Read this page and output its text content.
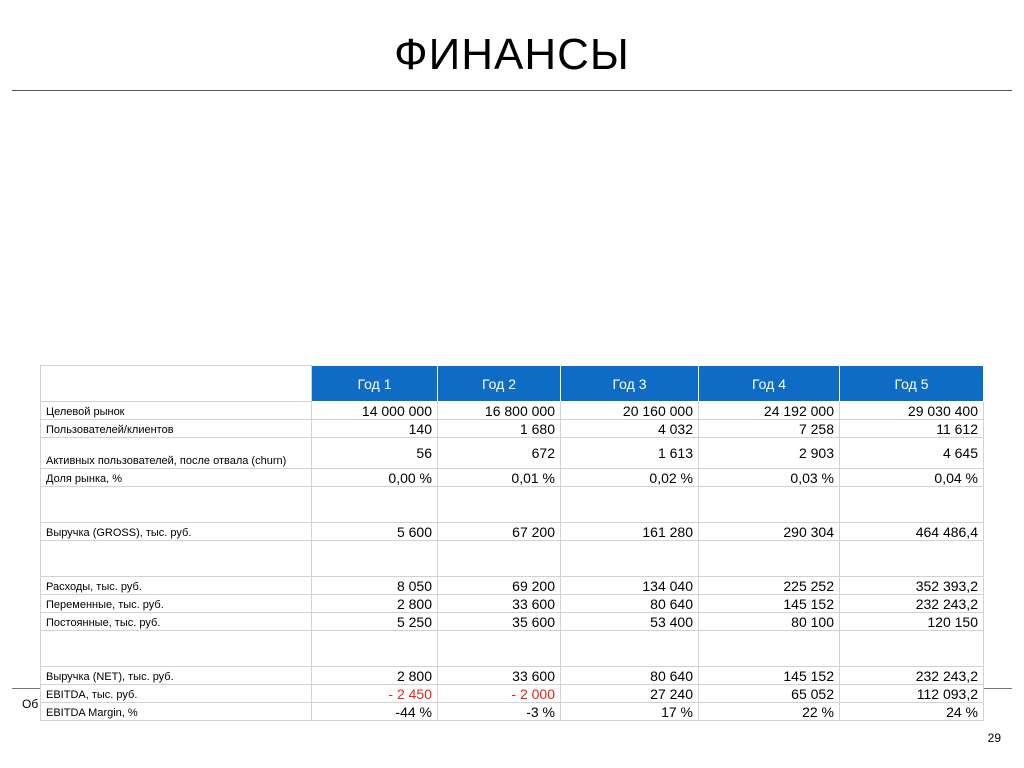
ФИНАНСЫ
Об
29
	Год 1	Год 2	Год 3	Год 4	Год 5
Целевой рынок	14 000 000	16 800 000	20 160 000	24 192 000	29 030 400
Пользователей/клиентов	140	1 680	4 032	7 258	11 612
Активных пользователей, после отвала (churn)	56	672	1 613	2 903	4 645
Доля рынка, %	0,00 %	0,01 %	0,02 %	0,03 %	0,04 %

Выручка (GROSS), тыс. руб.	5 600	67 200	161 280	290 304	464 486,4

Расходы, тыс. руб.	8 050	69 200	134 040	225 252	352 393,2
Переменные, тыс. руб.	2 800	33 600	80 640	145 152	232 243,2
Постоянные, тыс. руб.	5 250	35 600	53 400	80 100	120 150

Выручка (NET), тыс. руб.	2 800	33 600	80 640	145 152	232 243,2
EBITDA, тыс. руб.	- 2 450	- 2 000	27 240	65 052	112 093,2
EBITDA Margin, %	-44 %	-3 %	17 %	22 %	24 %
